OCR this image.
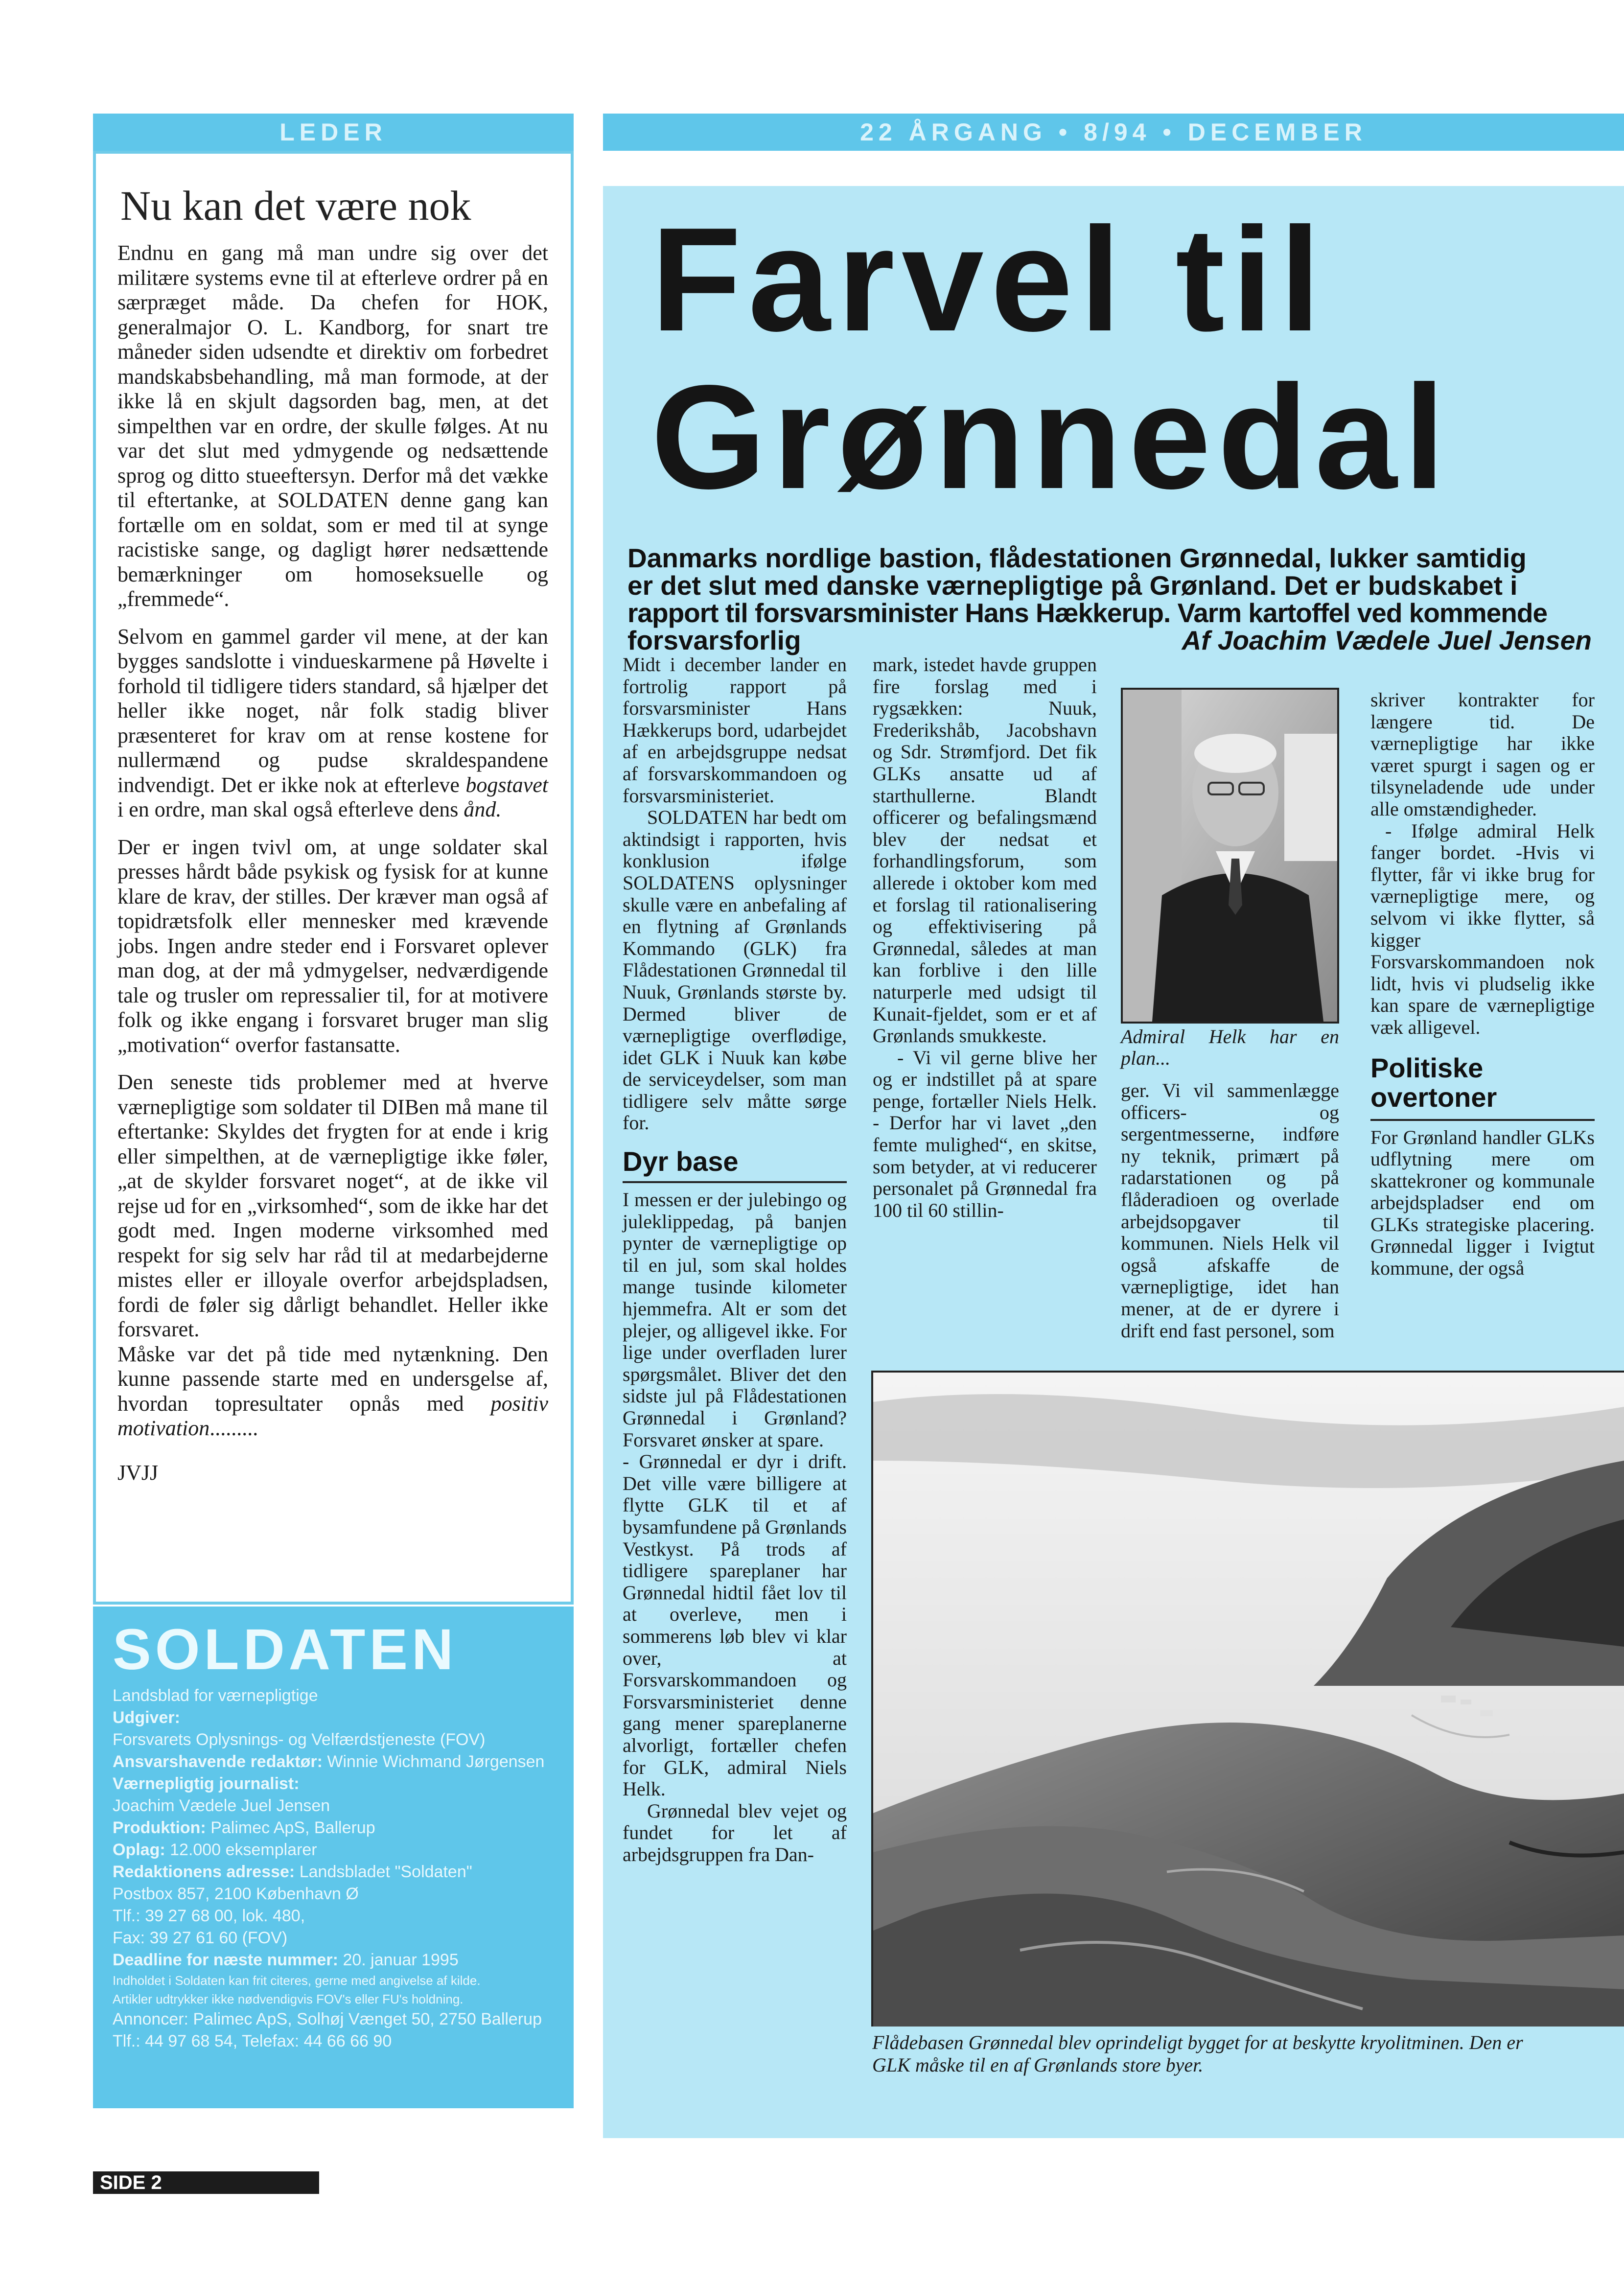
LEDER
Nu kan det være nok

Endnu en gang må man undre sig over det militære systems evne til at efterleve ordrer på en særpræget måde. Da chefen for HOK, generalmajor O. L. Kandborg, for snart tre måneder siden udsendte et direktiv om forbedret mandskabsbehandling, må man formode, at der ikke lå en skjult dagsorden bag, men, at det simpelthen var en ordre, der skulle følges. At nu var det slut med ydmygende og nedsættende sprog og ditto stueeftersyn. Derfor må det vække til eftertanke, at SOLDATEN denne gang kan fortælle om en soldat, som er med til at synge racistiske sange, og dagligt hører nedsættende bemærkninger om homoseksuelle og „fremmede“.

Selvom en gammel garder vil mene, at der kan bygges sandslotte i vindueskarmene på Høvelte i forhold til tidligere tiders standard, så hjælper det heller ikke noget, når folk stadig bliver præsenteret for krav om at rense kostene for nullermænd og pudse skraldespandene indvendigt. Det er ikke nok at efterleve bogstavet i en ordre, man skal også efterleve dens ånd.

Der er ingen tvivl om, at unge soldater skal presses hårdt både psykisk og fysisk for at kunne klare de krav, der stilles. Der kræver man også af topidrætsfolk eller mennesker med krævende jobs. Ingen andre steder end i Forsvaret oplever man dog, at der må ydmygelser, nedværdigende tale og trusler om repressalier til, for at motivere folk og ikke engang i forsvaret bruger man slig „motivation“ overfor fastansatte.

Den seneste tids problemer med at hverve værnepligtige som soldater til DIBen må mane til eftertanke: Skyldes det frygten for at ende i krig eller simpelthen, at de værnepligtige ikke føler, „at de skylder forsvaret noget“, at de ikke vil rejse ud for en „virksomhed“, som de ikke har det godt med. Ingen moderne virksomhed med respekt for sig selv har råd til at medarbejderne mistes eller er illoyale overfor arbejdspladsen, fordi de føler sig dårligt behandlet. Heller ikke forsvaret.

Måske var det på tide med nytænkning. Den kunne passende starte med en undersgelse af, hvordan topresultater opnås med positiv motivation.........

JVJJ

SOLDATEN
Landsblad for værnepligtige
Udgiver:
Forsvarets Oplysnings- og Velfærdstjeneste (FOV)
Ansvarshavende redaktør: Winnie Wichmand Jørgensen
Værnepligtig journalist:
Joachim Vædele Juel Jensen
Produktion: Palimec ApS, Ballerup
Oplag: 12.000 eksemplarer
Redaktionens adresse: Landsbladet "Soldaten"
Postbox 857, 2100 København Ø
Tlf.: 39 27 68 00, lok. 480,
Fax: 39 27 61 60 (FOV)
Deadline for næste nummer: 20. januar 1995
Indholdet i Soldaten kan frit citeres, gerne med angivelse af kilde.
Artikler udtrykker ikke nødvendigvis FOV's eller FU's holdning.
Annoncer: Palimec ApS, Solhøj Vænget 50, 2750 Ballerup
Tlf.: 44 97 68 54, Telefax: 44 66 66 90
SIDE 2
22 ÅRGANG • 8/94 • DECEMBER
Farvel til
Grønnedal
Danmarks nordlige bastion, flådestationen Grønnedal, lukker samtidig
er det slut med danske værnepligtige på Grønland. Det er budskabet i
rapport til forsvarsminister Hans Hækkerup. Varm kartoffel ved kommende
forsvarsforlig	Af Joachim Vædele Juel Jensen

Midt i december lander en fortrolig rapport på forsvarsminister Hans Hækkerups bord, udarbejdet af en arbejdsgruppe nedsat af forsvarskommandoen og forsvarsministeriet.

SOLDATEN har bedt om aktindsigt i rapporten, hvis konklusion ifølge SOLDATENS oplysninger skulle være en anbefaling af en flytning af Grønlands Kommando (GLK) fra Flådestationen Grønnedal til Nuuk, Grønlands største by. Dermed bliver de værnepligtige overflødige, idet GLK i Nuuk kan købe de serviceydelser, som man tidligere selv måtte sørge for.

Dyr base

I messen er der julebingo og juleklippedag, på banjen pynter de værnepligtige op til en jul, som skal holdes mange tusinde kilometer hjemmefra. Alt er som det plejer, og alligevel ikke. For lige under overfladen lurer spørgsmålet. Bliver det den sidste jul på Flådestationen Grønnedal i Grønland? Forsvaret ønsker at spare.

- Grønnedal er dyr i drift. Det ville være billigere at flytte GLK til et af bysamfundene på Grønlands Vestkyst. På trods af tidligere spareplaner har Grønnedal hidtil fået lov til at overleve, men i sommerens løb blev vi klar over, at Forsvarskommandoen og Forsvarsministeriet denne gang mener spareplanerne alvorligt, fortæller chefen for GLK, admiral Niels Helk.

Grønnedal blev vejet og fundet for let af arbejdsgruppen fra Dan-

mark, istedet havde gruppen fire forslag med i rygsækken: Nuuk, Frederikshåb, Jacobshavn og Sdr. Strømfjord. Det fik GLKs ansatte ud af starthullerne. Blandt officerer og befalingsmænd blev der nedsat et forhandlingsforum, som allerede i oktober kom med et forslag til rationalisering og effektivisering på Grønnedal, således at man kan forblive i den lille naturperle med udsigt til Kunait-fjeldet, som er et af Grønlands smukkeste.

- Vi vil gerne blive her og er indstillet på at spare penge, fortæller Niels Helk. - Derfor har vi lavet „den femte mulighed“, en skitse, som betyder, at vi reducerer personalet på Grønnedal fra 100 til 60 stillin-

Admiral Helk har en
plan...

ger. Vi vil sammenlægge officers- og sergentmesserne, indføre ny teknik, primært på radarstationen og på flåderadioen og overlade arbejdsopgaver til kommunen. Niels Helk vil også afskaffe de værnepligtige, idet han mener, at de er dyrere i drift end fast personel, som

skriver kontrakter for længere tid. De værnepligtige har ikke været spurgt i sagen og er tilsyneladende ude under alle omstændigheder.

- Ifølge admiral Helk fanger bordet. -Hvis vi flytter, får vi ikke brug for værnepligtige mere, og selvom vi ikke flytter, så kigger Forsvarskommandoen nok lidt, hvis vi pludselig ikke kan spare de værnepligtige væk alligevel.

Politiske
overtoner

For Grønland handler GLKs udflytning mere om skattekroner og kommunale arbejdspladser end om GLKs strategiske placering. Grønnedal ligger i Ivigtut kommune, der også

Flådebasen Grønnedal blev oprindeligt bygget for at beskytte kryolitminen. Den er
GLK måske til en af Grønlands store byer.
